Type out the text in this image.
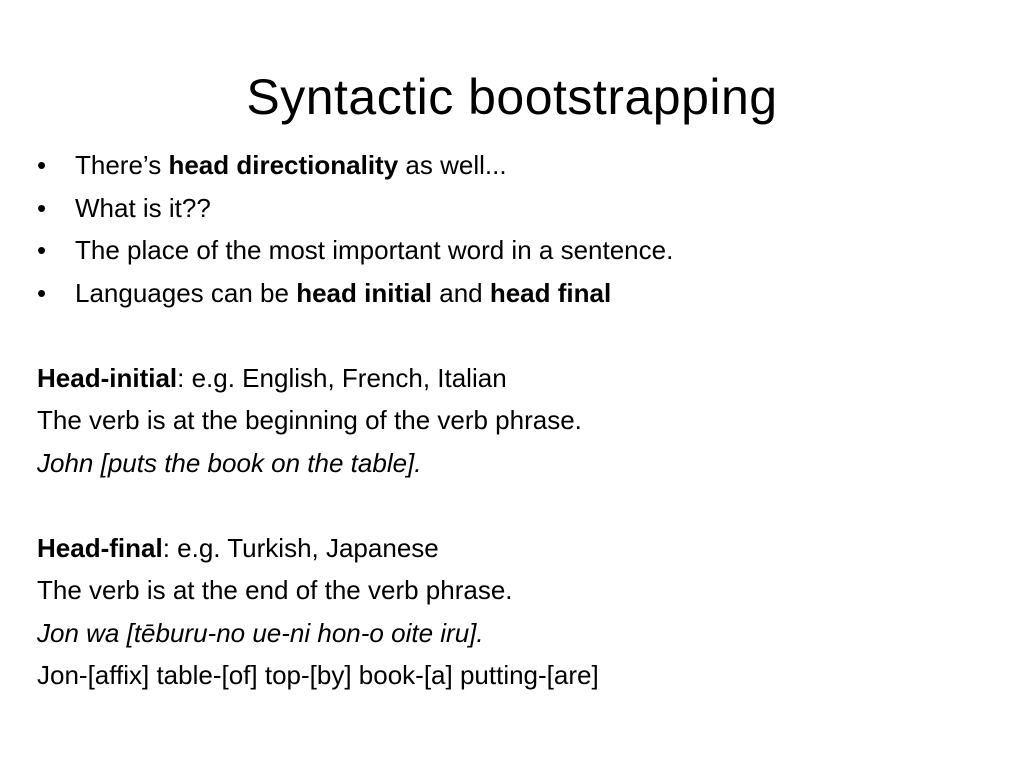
Syntactic bootstrapping
•	There’s head directionality as well...
•	What is it??
•	The place of the most important word in a sentence.
•	Languages can be head initial and head final
Head-initial: e.g. English, French, Italian
The verb is at the beginning of the verb phrase.
John [puts the book on the table].
Head-final: e.g. Turkish, Japanese
The verb is at the end of the verb phrase.
Jon wa [tēburu-no ue-ni hon-o oite iru].
Jon-[affix] table-[of] top-[by] book-[a] putting-[are]
